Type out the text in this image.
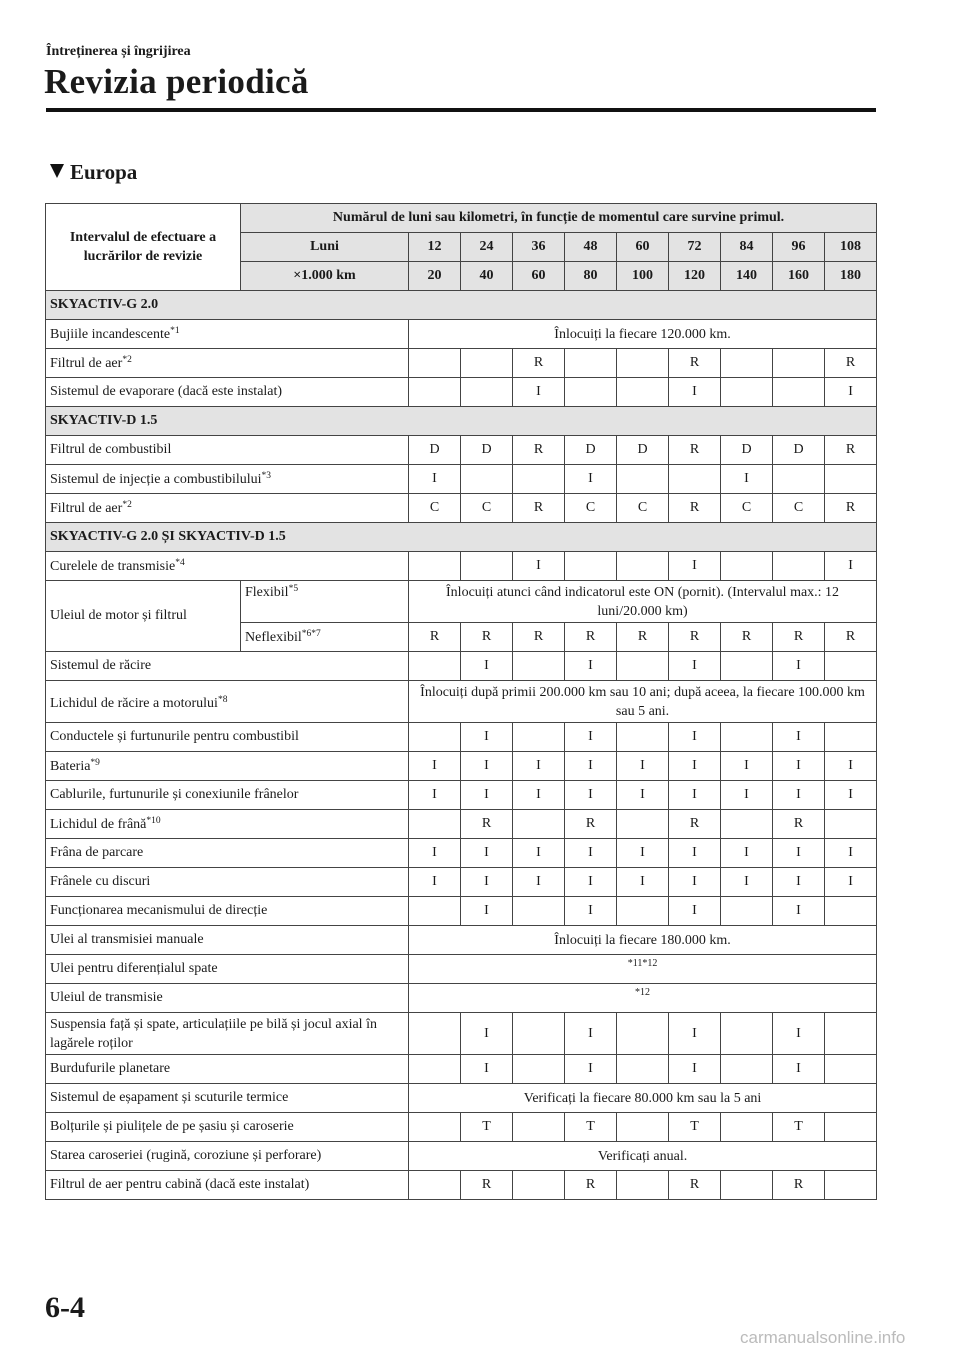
Întreținerea și îngrijirea
Revizia periodică
Europa
Intervalul de efectuare a lucrărilor de revizie	Numărul de luni sau kilometri, în funcție de momentul care survine primul.									
	Luni	12	24	36	48	60	72	84	96	108
	×1.000 km	20	40	60	80	100	120	140	160	180
SKYACTIV-G 2.0										
Bujiile incandescente$^{*1}$		Înlocuiți la fiecare 120.000 km.								
Filtrul de aer$^{*2}$				R			R			R
Sistemul de evaporare (dacă este instalat)				I			I			I
SKYACTIV-D 1.5										
Filtrul de combustibil		D	D	R	D	D	R	D	D	R
Sistemul de injecție a combustibilului$^{*3}$		I			I			I		
Filtrul de aer$^{*2}$		C	C	R	C	C	R	C	C	R
SKYACTIV-G 2.0 ȘI SKYACTIV-D 1.5										
Curelele de transmisie$^{*4}$				I			I			I
Uleiul de motor și filtrul	Flexibil$^{*5}$	Înlocuiți atunci când indicatorul este ON (pornit). (Intervalul max.: 12 luni/20.000 km)								
	Neflexibil$^{*6*7}$	R	R	R	R	R	R	R	R	R
Sistemul de răcire			I		I		I		I	
Lichidul de răcire a motorului$^{*8}$		Înlocuiți după primii 200.000 km sau 10 ani; după aceea, la fiecare 100.000 km sau 5 ani.								
Conductele și furtunurile pentru combustibil			I		I		I		I	
Bateria$^{*9}$		I	I	I	I	I	I	I	I	I
Cablurile, furtunurile și conexiunile frânelor		I	I	I	I	I	I	I	I	I
Lichidul de frână$^{*10}$			R		R		R		R	
Frâna de parcare		I	I	I	I	I	I	I	I	I
Frânele cu discuri		I	I	I	I	I	I	I	I	I
Funcționarea mecanismului de direcție			I		I		I		I	
Ulei al transmisiei manuale		Înlocuiți la fiecare 180.000 km.								
Ulei pentru diferențialul spate		*11*12								
Uleiul de transmisie		*12								
Suspensia față și spate, articulațiile pe bilă și jocul axial în lagărele roților			I		I		I		I	
Burdufurile planetare			I		I		I		I	
Sistemul de eșapament și scuturile termice		Verificați la fiecare 80.000 km sau la 5 ani								
Bolțurile și piulițele de pe șasiu și caroserie			T		T		T		T	
Starea caroseriei (rugină, coroziune și perforare)		Verificați anual.								
Filtrul de aer pentru cabină (dacă este instalat)			R		R		R		R	
6-4
carmanualsonline.info
